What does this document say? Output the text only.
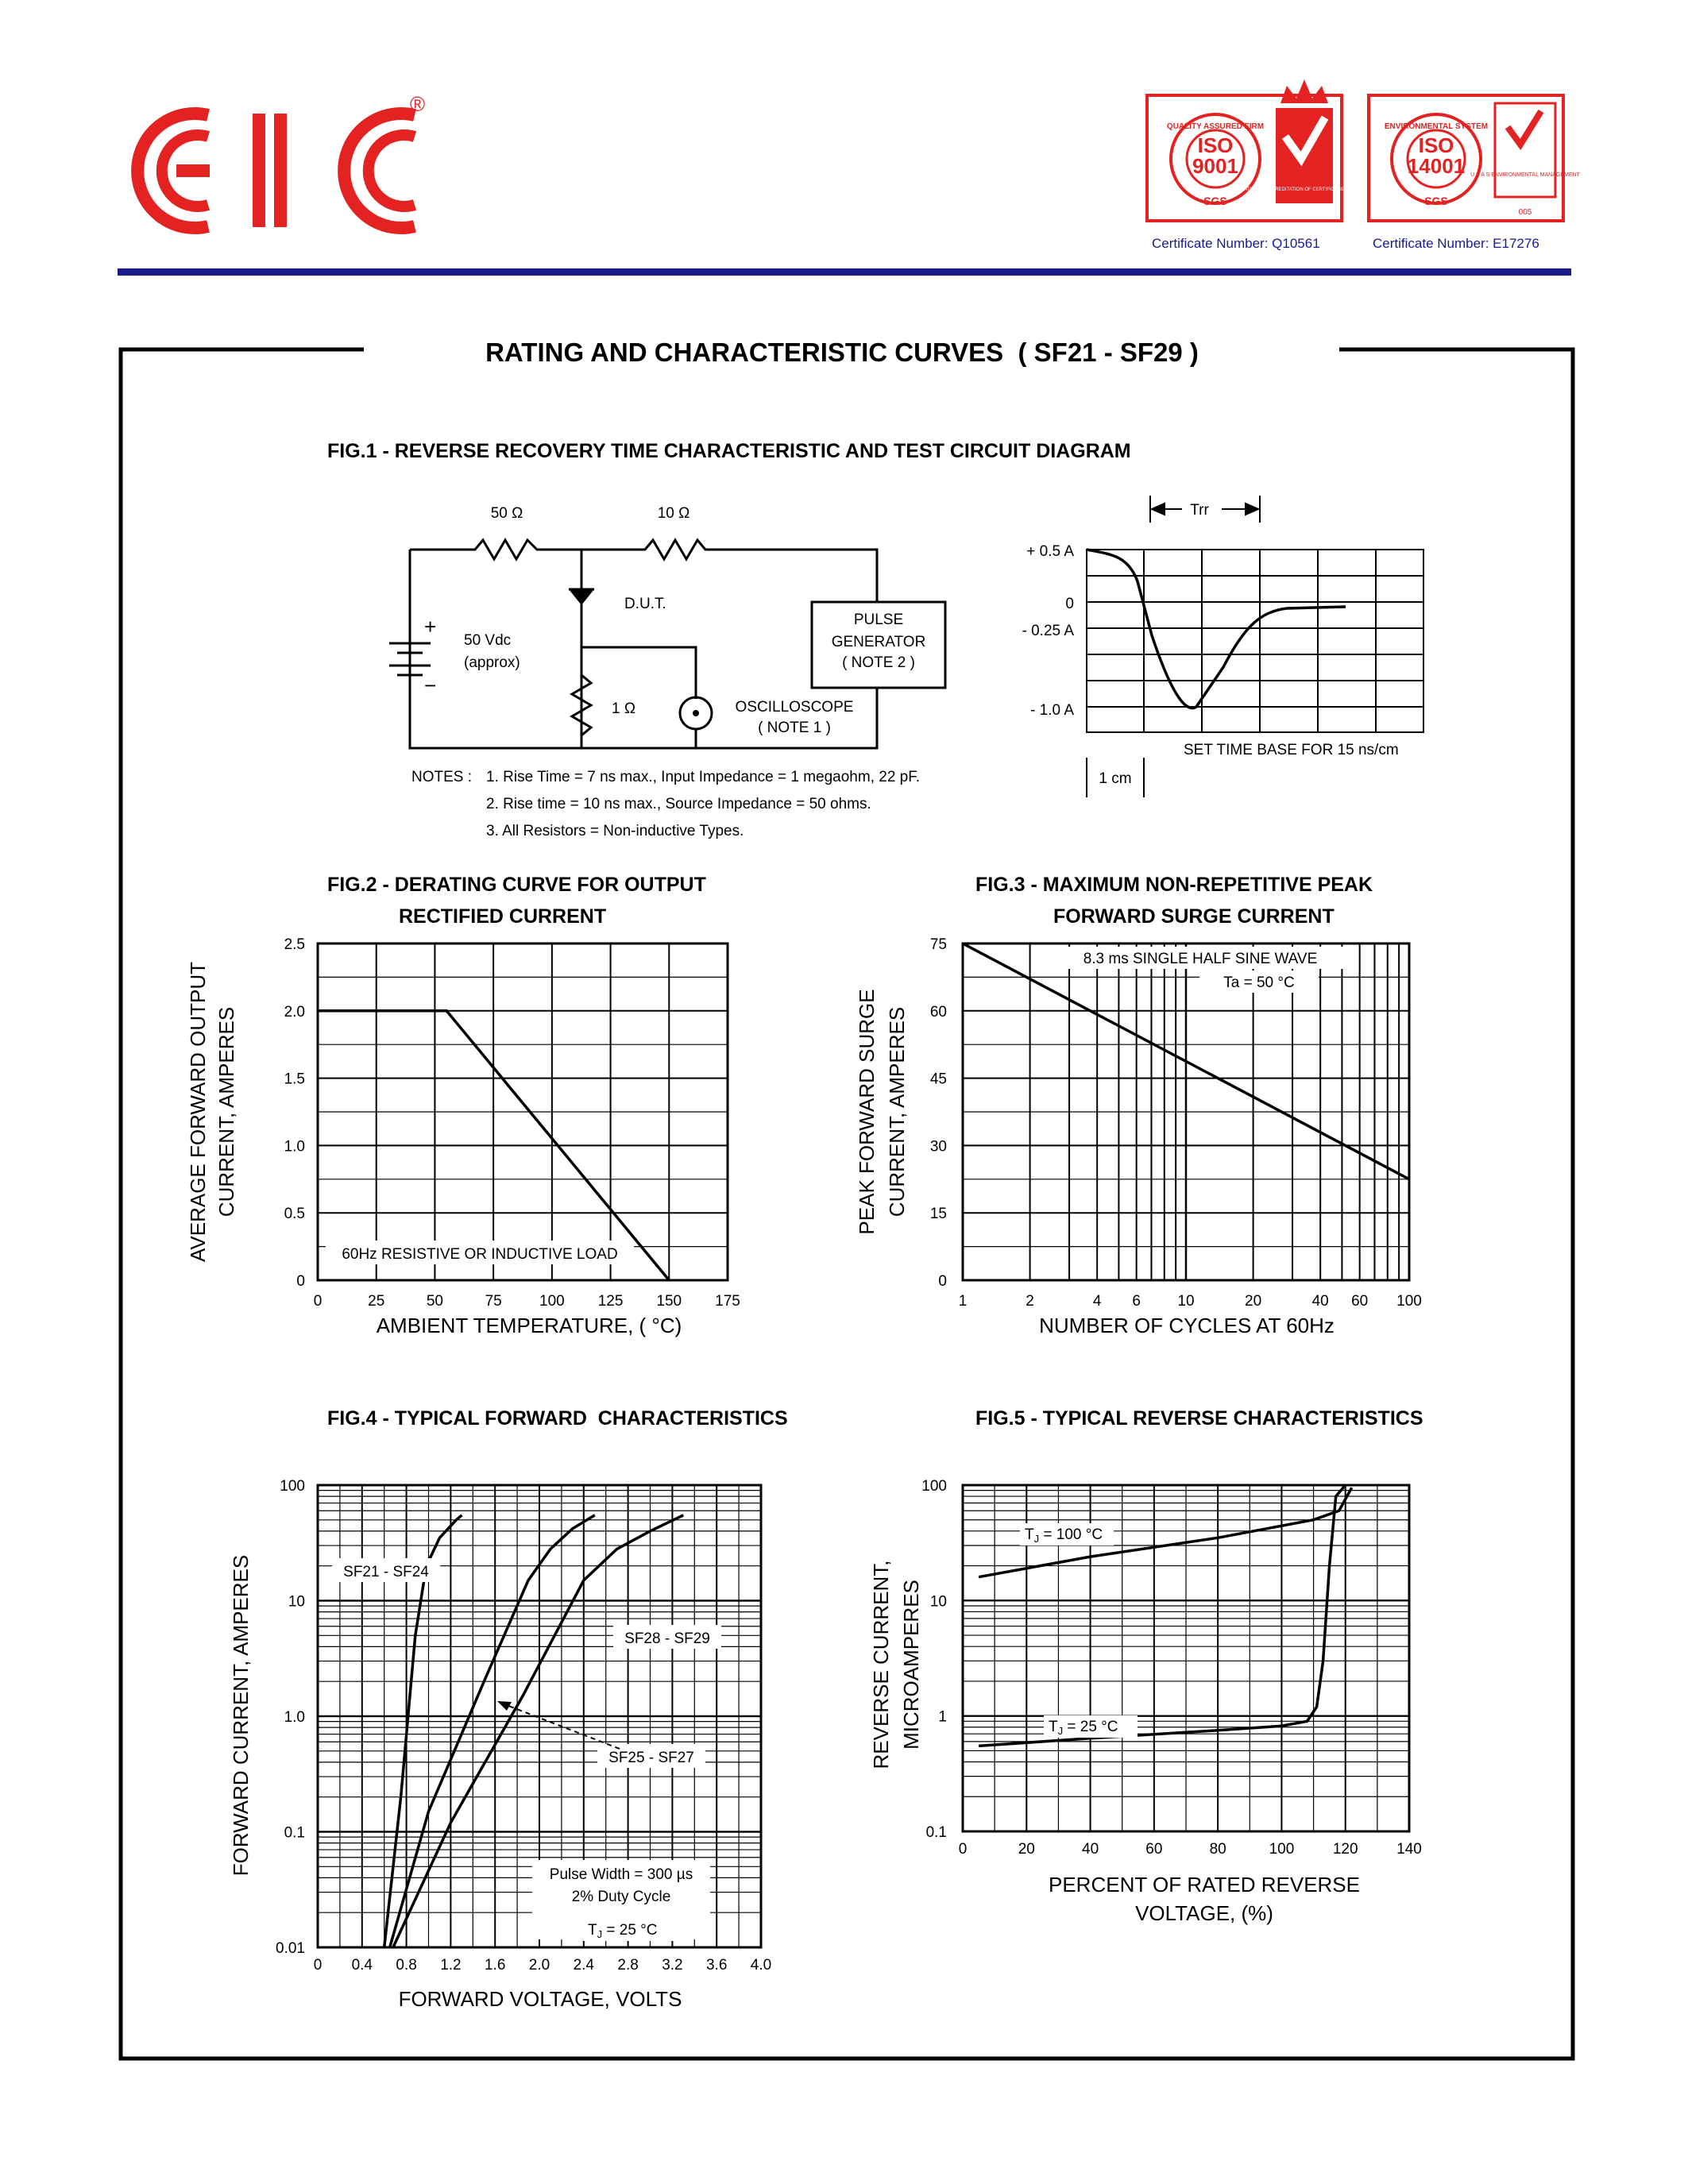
®
ISO
9001
SGS
QUALITY ASSURED FIRM
NATIONAL ACCREDITATION OF CERTIFICATION BODIES
Certificate Number: Q10561
ISO
14001
SGS
ENVIRONMENTAL SYSTEM
U K A S ENVIRONMENTAL MANAGEMENT
005
Certificate Number: E17276
RATING AND CHARACTERISTIC CURVES  ( SF21 - SF29 )
FIG.1 - REVERSE RECOVERY TIME CHARACTERISTIC AND TEST CIRCUIT DIAGRAM
50 Ω	10 Ω
D.U.T.
+
−
50 Vdc
(approx)
PULSE
GENERATOR
( NOTE 2 )
1 Ω	OSCILLOSCOPE
( NOTE 1 )
NOTES : 1. Rise Time = 7 ns max., Input Impedance = 1 megaohm, 22 pF.
2. Rise time = 10 ns max., Source Impedance = 50 ohms.
3. All Resistors = Non-inductive Types.
Trr
+ 0.5 A
0
- 0.25 A
- 1.0 A
SET TIME BASE FOR 15 ns/cm
1 cm
FIG.2 - DERATING CURVE FOR OUTPUT
RECTIFIED CURRENT
0	25	50	75 100 125 150 175
0
0.5
1.0
1.5
2.0
2.5
60Hz RESISTIVE OR INDUCTIVE LOAD
AMBIENT TEMPERATURE, ( °C)
AVERAGE FORWARD OUTPUT CURRENT, AMPERES
FIG.3 - MAXIMUM NON-REPETITIVE PEAK
FORWARD SURGE CURRENT
1	2	4 6 10	20	40 60 100
0
15
30
45
60
75
8.3 ms SINGLE HALF SINE WAVE
Ta = 50 °C
NUMBER OF CYCLES AT 60Hz
PEAK FORWARD SURGE CURRENT, AMPERES
FIG.4 - TYPICAL FORWARD  CHARACTERISTICS
0 0.4 0.8 1.2 1.6 2.0 2.4 2.8 3.2 3.6 4.0
0.01
0.1
1.0
10
100
SF21 - SF24
SF28 - SF29
SF25 - SF27
Pulse Width = 300 µs
2% Duty Cycle
$T_J = 25$ °C
FORWARD VOLTAGE, VOLTS
FORWARD CURRENT, AMPERES
FIG.5 - TYPICAL REVERSE CHARACTERISTICS
0	20	40	60	80	100	120	140
0.1
1
10
100
$T_J = 100$ °C
$T_J = 25$ °C
PERCENT OF RATED REVERSE
VOLTAGE, (%)
REVERSE CURRENT, MICROAMPERES
